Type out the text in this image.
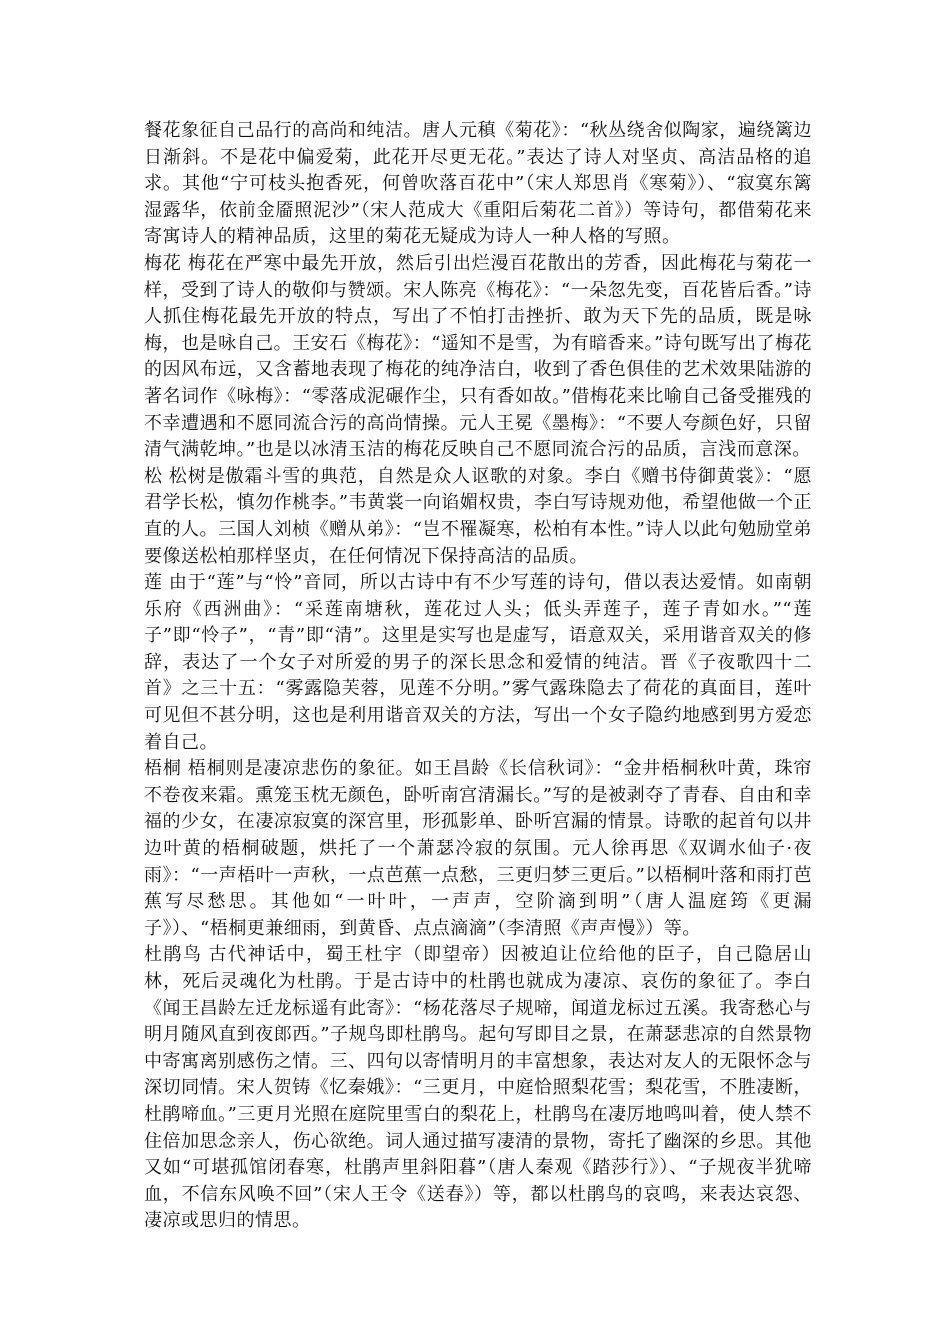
餐花象征自己品行的高尚和纯洁。唐人元稹《菊花》：“秋丛绕舍似陶家，遍绕篱边日渐斜。不是花中偏爱菊，此花开尽更无花。”表达了诗人对坚贞、高洁品格的追求。其他“宁可枝头抱香死，何曾吹落百花中”（宋人郑思肖《寒菊》）、“寂寞东篱湿露华，依前金靥照泥沙”（宋人范成大《重阳后菊花二首》）等诗句，都借菊花来寄寓诗人的精神品质，这里的菊花无疑成为诗人一种人格的写照。

梅花 梅花在严寒中最先开放，然后引出烂漫百花散出的芳香，因此梅花与菊花一样，受到了诗人的敬仰与赞颂。宋人陈亮《梅花》：“一朵忽先变，百花皆后香。”诗人抓住梅花最先开放的特点，写出了不怕打击挫折、敢为天下先的品质，既是咏梅，也是咏自己。王安石《梅花》：“遥知不是雪，为有暗香来。”诗句既写出了梅花的因风布远，又含蓄地表现了梅花的纯净洁白，收到了香色俱佳的艺术效果陆游的著名词作《咏梅》：“零落成泥碾作尘，只有香如故。”借梅花来比喻自己备受摧残的不幸遭遇和不愿同流合污的高尚情操。元人王冕《墨梅》：“不要人夸颜色好，只留清气满乾坤。”也是以冰清玉洁的梅花反映自己不愿同流合污的品质，言浅而意深。

松 松树是傲霜斗雪的典范，自然是众人讴歌的对象。李白《赠书侍御黄裳》：“愿君学长松，慎勿作桃李。”韦黄裳一向谄媚权贵，李白写诗规劝他，希望他做一个正直的人。三国人刘桢《赠从弟》：“岂不罹凝寒，松柏有本性。”诗人以此句勉励堂弟要像送松柏那样坚贞，在任何情况下保持高洁的品质。

莲 由于“莲”与“怜”音同，所以古诗中有不少写莲的诗句，借以表达爱情。如南朝乐府《西洲曲》：“采莲南塘秋，莲花过人头；低头弄莲子，莲子青如水。”“莲子”即“怜子”，“青”即“清”。这里是实写也是虚写，语意双关，采用谐音双关的修辞，表达了一个女子对所爱的男子的深长思念和爱情的纯洁。晋《子夜歌四十二首》之三十五：“雾露隐芙蓉，见莲不分明。”雾气露珠隐去了荷花的真面目，莲叶可见但不甚分明，这也是利用谐音双关的方法，写出一个女子隐约地感到男方爱恋着自己。

梧桐 梧桐则是凄凉悲伤的象征。如王昌龄《长信秋词》：“金井梧桐秋叶黄，珠帘不卷夜来霜。熏笼玉枕无颜色，卧听南宫清漏长。”写的是被剥夺了青春、自由和幸福的少女，在凄凉寂寞的深宫里，形孤影单、卧听宫漏的情景。诗歌的起首句以井边叶黄的梧桐破题，烘托了一个萧瑟冷寂的氛围。元人徐再思《双调水仙子·夜雨》：“一声梧叶一声秋，一点芭蕉一点愁，三更归梦三更后。”以梧桐叶落和雨打芭蕉写尽愁思。其他如“一叶叶，一声声，空阶滴到明”（唐人温庭筠《更漏子》）、“梧桐更兼细雨，到黄昏、点点滴滴”（李清照《声声慢》）等。

杜鹃鸟 古代神话中，蜀王杜宇（即望帝）因被迫让位给他的臣子，自己隐居山林，死后灵魂化为杜鹃。于是古诗中的杜鹃也就成为凄凉、哀伤的象征了。李白《闻王昌龄左迁龙标遥有此寄》：“杨花落尽子规啼，闻道龙标过五溪。我寄愁心与明月随风直到夜郎西。”子规鸟即杜鹃鸟。起句写即目之景，在萧瑟悲凉的自然景物中寄寓离别感伤之情。三、四句以寄情明月的丰富想象，表达对友人的无限怀念与深切同情。宋人贺铸《忆秦娥》：“三更月，中庭恰照梨花雪；梨花雪，不胜凄断，杜鹃啼血。”三更月光照在庭院里雪白的梨花上，杜鹃鸟在凄厉地鸣叫着，使人禁不住倍加思念亲人，伤心欲绝。词人通过描写凄清的景物，寄托了幽深的乡思。其他又如“可堪孤馆闭春寒，杜鹃声里斜阳暮”（唐人秦观《踏莎行》）、“子规夜半犹啼血，不信东风唤不回”（宋人王令《送春》）等，都以杜鹃鸟的哀鸣，来表达哀怨、凄凉或思归的情思。
